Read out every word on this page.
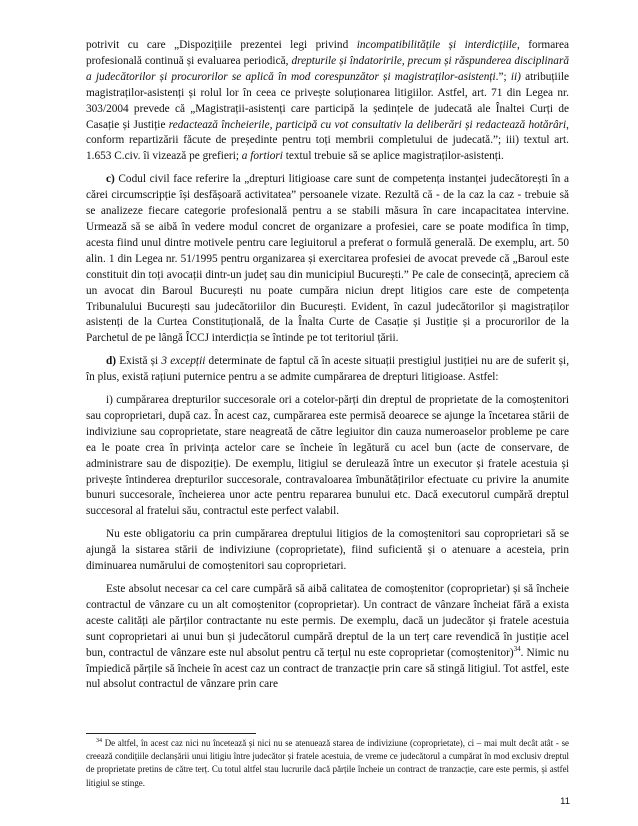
potrivit cu care „Dispozițiile prezentei legi privind incompatibilitățile și interdicțiile, formarea profesională continuă și evaluarea periodică, drepturile și îndatoririle, precum și răspunderea disciplinară a judecătorilor și procurorilor se aplică în mod corespunzător și magistraților-asistenți.”; ii) atribuțiile magistraților-asistenți și rolul lor în ceea ce privește soluționarea litigiilor. Astfel, art. 71 din Legea nr. 303/2004 prevede că „Magistrații-asistenți care participă la ședințele de judecată ale Înaltei Curți de Casație și Justiție redactează încheierile, participă cu vot consultativ la deliberări și redactează hotărâri, conform repartizării făcute de președinte pentru toți membrii completului de judecată.”; iii) textul art. 1.653 C.civ. îi vizează pe grefieri; a fortiori textul trebuie să se aplice magistraților-asistenți.

c) Codul civil face referire la „drepturi litigioase care sunt de competența instanței judecătorești în a cărei circumscripție își desfășoară activitatea” persoanele vizate. Rezultă că - de la caz la caz - trebuie să se analizeze fiecare categorie profesională pentru a se stabili măsura în care incapacitatea intervine. Urmează să se aibă în vedere modul concret de organizare a profesiei, care se poate modifica în timp, acesta fiind unul dintre motivele pentru care legiuitorul a preferat o formulă generală. De exemplu, art. 50 alin. 1 din Legea nr. 51/1995 pentru organizarea și exercitarea profesiei de avocat prevede că „Baroul este constituit din toți avocații dintr-un județ sau din municipiul București.” Pe cale de consecință, apreciem că un avocat din Baroul București nu poate cumpăra niciun drept litigios care este de competența Tribunalului București sau judecătoriilor din București. Evident, în cazul judecătorilor și magistraților asistenți de la Curtea Constituțională, de la Înalta Curte de Casație și Justiție și a procurorilor de la Parchetul de pe lângă ÎCCJ interdicția se întinde pe tot teritoriul țării.

d) Există și 3 excepții determinate de faptul că în aceste situații prestigiul justiției nu are de suferit și, în plus, există rațiuni puternice pentru a se admite cumpărarea de drepturi litigioase. Astfel:

i) cumpărarea drepturilor succesorale ori a cotelor-părți din dreptul de proprietate de la comoștenitori sau coproprietari, după caz. În acest caz, cumpărarea este permisă deoarece se ajunge la încetarea stării de indiviziune sau coproprietate, stare neagreată de către legiuitor din cauza numeroaselor probleme pe care ea le poate crea în privința actelor care se încheie în legătură cu acel bun (acte de conservare, de administrare sau de dispoziție). De exemplu, litigiul se derulează între un executor și fratele acestuia și privește întinderea drepturilor succesorale, contravaloarea îmbunătățirilor efectuate cu privire la anumite bunuri succesorale, încheierea unor acte pentru repararea bunului etc. Dacă executorul cumpără dreptul succesoral al fratelui său, contractul este perfect valabil.

Nu este obligatoriu ca prin cumpărarea dreptului litigios de la comoștenitori sau coproprietari să se ajungă la sistarea stării de indiviziune (coproprietate), fiind suficientă și o atenuare a acesteia, prin diminuarea numărului de comoștenitori sau coproprietari.

Este absolut necesar ca cel care cumpără să aibă calitatea de comoștenitor (coproprietar) și să încheie contractul de vânzare cu un alt comoștenitor (coproprietar). Un contract de vânzare încheiat fără a exista aceste calități ale părților contractante nu este permis. De exemplu, dacă un judecător și fratele acestuia sunt coproprietari ai unui bun și judecătorul cumpără dreptul de la un terț care revendică în justiție acel bun, contractul de vânzare este nul absolut pentru că terțul nu este coproprietar (comoștenitor)$^{34}$. Nimic nu împiedică părțile să încheie în acest caz un contract de tranzacție prin care să stingă litigiul. Tot astfel, este nul absolut contractul de vânzare prin care

$^{34}$ De altfel, în acest caz nici nu încetează și nici nu se atenuează starea de indiviziune (coproprietate), ci – mai mult decât atât - se creează condițiile declanșării unui litigiu între judecător și fratele acestuia, de vreme ce judecătorul a cumpărat în mod exclusiv dreptul de proprietate pretins de către terț. Cu totul altfel stau lucrurile dacă părțile încheie un contract de tranzacție, care este permis, și astfel litigiul se stinge.

11
